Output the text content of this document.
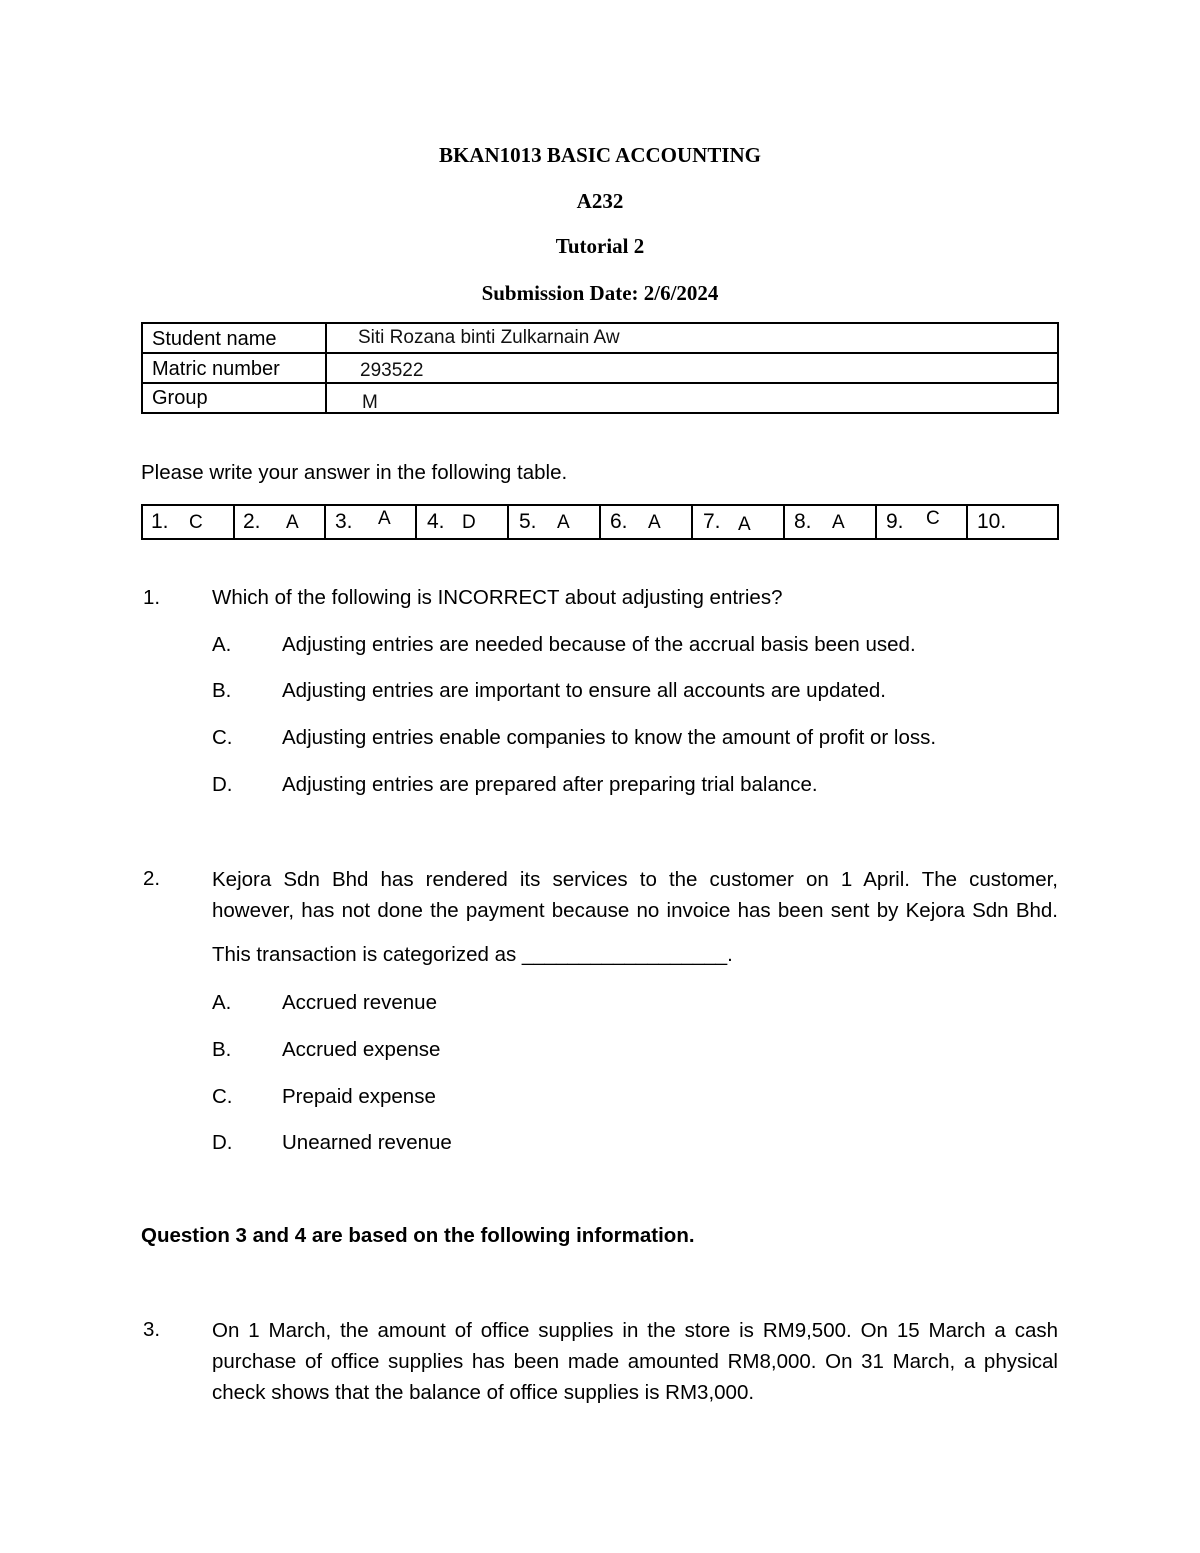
BKAN1013 BASIC ACCOUNTING
A232
Tutorial 2
Submission Date: 2/6/2024
Student name	Siti Rozana binti Zulkarnain Aw
Matric number	293522
Group	M
Please write your answer in the following table.
1. C 2. A 3. A 4. D 5. A 6. A 7. A 8. A 9. C 10.
1.	Which of the following is INCORRECT about adjusting entries?
A. Adjusting entries are needed because of the accrual basis been used.
B. Adjusting entries are important to ensure all accounts are updated.
C. Adjusting entries enable companies to know the amount of profit or loss.
D. Adjusting entries are prepared after preparing trial balance.
2.	Kejora Sdn Bhd has rendered its services to the customer on 1 April. The customer,
however, has not done the payment because no invoice has been sent by Kejora Sdn Bhd.
This transaction is categorized as __________________.
A. Accrued revenue
B. Accrued expense
C. Prepaid expense
D. Unearned revenue
Question 3 and 4 are based on the following information.
3.	On 1 March, the amount of office supplies in the store is RM9,500. On 15 March a cash
purchase of office supplies has been made amounted RM8,000. On 31 March, a physical
check shows that the balance of office supplies is RM3,000.
